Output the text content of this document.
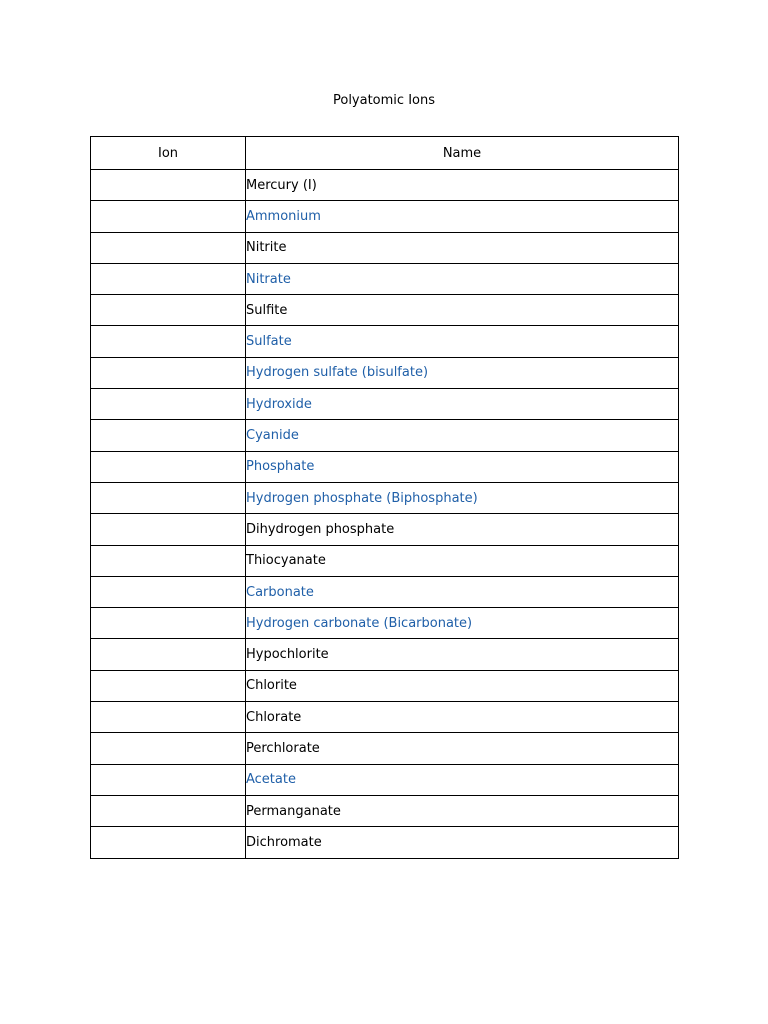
Polyatomic Ions
Ion	Name
	Mercury (I)
	Ammonium
	Nitrite
	Nitrate
	Sulfite
	Sulfate
	Hydrogen sulfate (bisulfate)
	Hydroxide
	Cyanide
	Phosphate
	Hydrogen phosphate (Biphosphate)
	Dihydrogen phosphate
	Thiocyanate
	Carbonate
	Hydrogen carbonate (Bicarbonate)
	Hypochlorite
	Chlorite
	Chlorate
	Perchlorate
	Acetate
	Permanganate
	Dichromate
